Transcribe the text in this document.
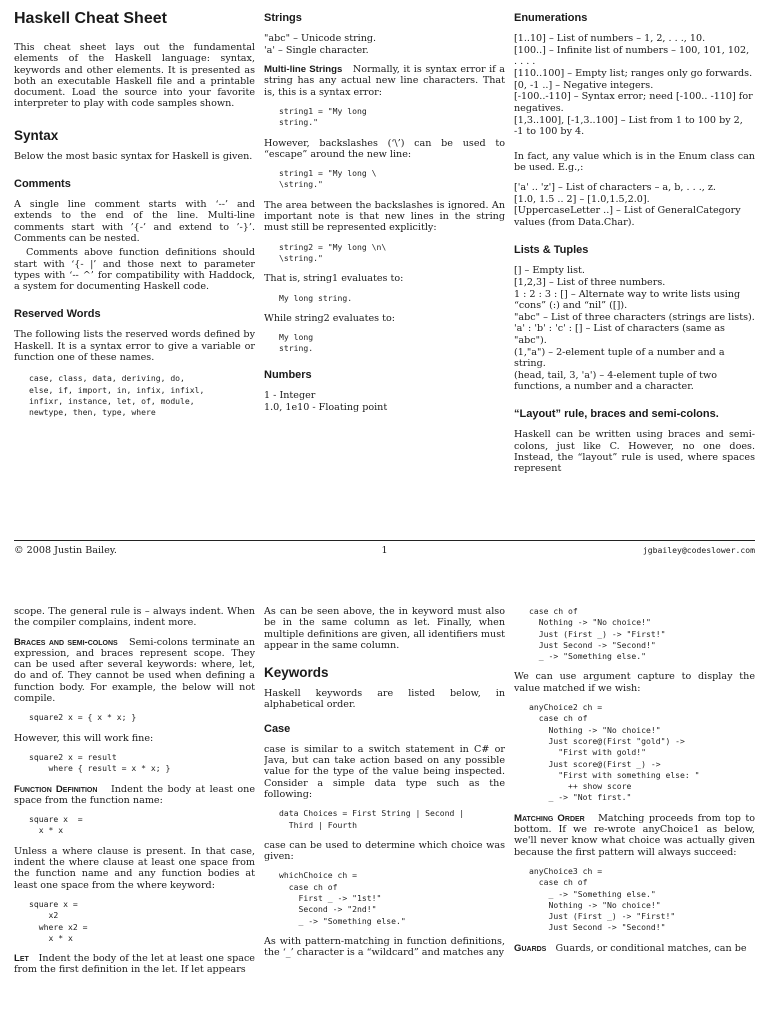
Haskell Cheat Sheet

This cheat sheet lays out the fundamental elements of the Haskell language: syntax, keywords and other elements. It is presented as both an executable Haskell file and a printable document. Load the source into your favorite interpreter to play with code samples shown.

Syntax

Below the most basic syntax for Haskell is given.

Comments

A single line comment starts with ‘--’ and extends to the end of the line. Multi-line comments start with ’{-’ and extend to ’-}’. Comments can be nested.

Comments above function definitions should start with ‘{- |’ and those next to parameter types with ‘-- ^’ for compatibility with Haddock, a system for documenting Haskell code.

Reserved Words

The following lists the reserved words defined by Haskell. It is a syntax error to give a variable or function one of these names.

case, class, data, deriving, do,
else, if, import, in, infix, infixl,
infixr, instance, let, of, module,
newtype, then, type, where
Strings
"abc" – Unicode string.
'a' – Single character.

Multi-line Strings Normally, it is syntax error if a string has any actual new line characters. That is, this is a syntax error:

string1 = "My long
string."

However, backslashes (‘\’) can be used to “escape” around the new line:

string1 = "My long \
\string."

The area between the backslashes is ignored. An important note is that new lines in the string must still be represented explicitly:

string2 = "My long \n\
\string."

That is, string1 evaluates to:

My long string.

While string2 evaluates to:

My long
string.
Numbers
1 - Integer
1.0, 1e10 - Floating point
Enumerations
[1..10] – List of numbers – 1, 2, . . ., 10.
[100..] – Infinite list of numbers – 100, 101, 102, . . . .
[110..100] – Empty list; ranges only go forwards.
[0, -1 ..] – Negative integers.
[-100..-110] – Syntax error; need [-100.. -110] for negatives.
[1,3..100], [-1,3..100] – List from 1 to 100 by 2, -1 to 100 by 4.

In fact, any value which is in the Enum class can be used. E.g.,:

['a' .. 'z'] – List of characters – a, b, . . ., z.
[1.0, 1.5 .. 2] – [1.0,1.5,2.0].
[UppercaseLetter ..] – List of GeneralCategory values (from Data.Char).
Lists & Tuples
[] – Empty list.
[1,2,3] – List of three numbers.
1 : 2 : 3 : [] – Alternate way to write lists using “cons” (:) and “nil” ([]).
"abc" – List of three characters (strings are lists).
'a' : 'b' : 'c' : [] – List of characters (same as "abc").
(1,"a") – 2-element tuple of a number and a string.
(head, tail, 3, 'a') – 4-element tuple of two functions, a number and a character.
“Layout” rule, braces and semi-colons.

Haskell can be written using braces and semi-colons, just like C. However, no one does. Instead, the “layout” rule is used, where spaces represent

© 2008 Justin Bailey.	1	jgbailey@codeslower.com

scope. The general rule is – always indent. When the compiler complains, indent more.

Braces and semi-colons Semi-colons terminate an expression, and braces represent scope. They can be used after several keywords: where, let, do and of. They cannot be used when defining a function body. For example, the below will not compile.

square2 x = { x * x; }

However, this will work fine:

square2 x = result
where { result = x * x; }

Function Definition Indent the body at least one space from the function name:

square x  =
x * x

Unless a where clause is present. In that case, indent the where clause at least one space from the function name and any function bodies at least one space from the where keyword:

square x =
x2
where x2 =
x * x

Let Indent the body of the let at least one space from the first definition in the let. If let appears

As can be seen above, the in keyword must also be in the same column as let. Finally, when multiple definitions are given, all identifiers must appear in the same column.

Keywords

Haskell keywords are listed below, in alphabetical order.

Case

case is similar to a switch statement in C# or Java, but can take action based on any possible value for the type of the value being inspected. Consider a simple data type such as the following:

data Choices = First String | Second |
Third | Fourth

case can be used to determine which choice was given:

whichChoice ch =
case ch of
First _ -> "1st!"
Second -> "2nd!"
_ -> "Something else."

As with pattern-matching in function definitions, the ‘_’ character is a “wildcard” and matches any

case ch of
Nothing -> "No choice!"
Just (First _) -> "First!"
Just Second -> "Second!"
_ -> "Something else."

We can use argument capture to display the value matched if we wish:

anyChoice2 ch =
case ch of
Nothing -> "No choice!"
Just score@(First "gold") ->
"First with gold!"
Just score@(First _) ->
"First with something else: "
++ show score
_ -> "Not first."

Matching Order Matching proceeds from top to bottom. If we re-wrote anyChoice1 as below, we'll never know what choice was actually given because the first pattern will always succeed:

anyChoice3 ch =
case ch of
_ -> "Something else."
Nothing -> "No choice!"
Just (First _) -> "First!"
Just Second -> "Second!"

Guards Guards, or conditional matches, can be
